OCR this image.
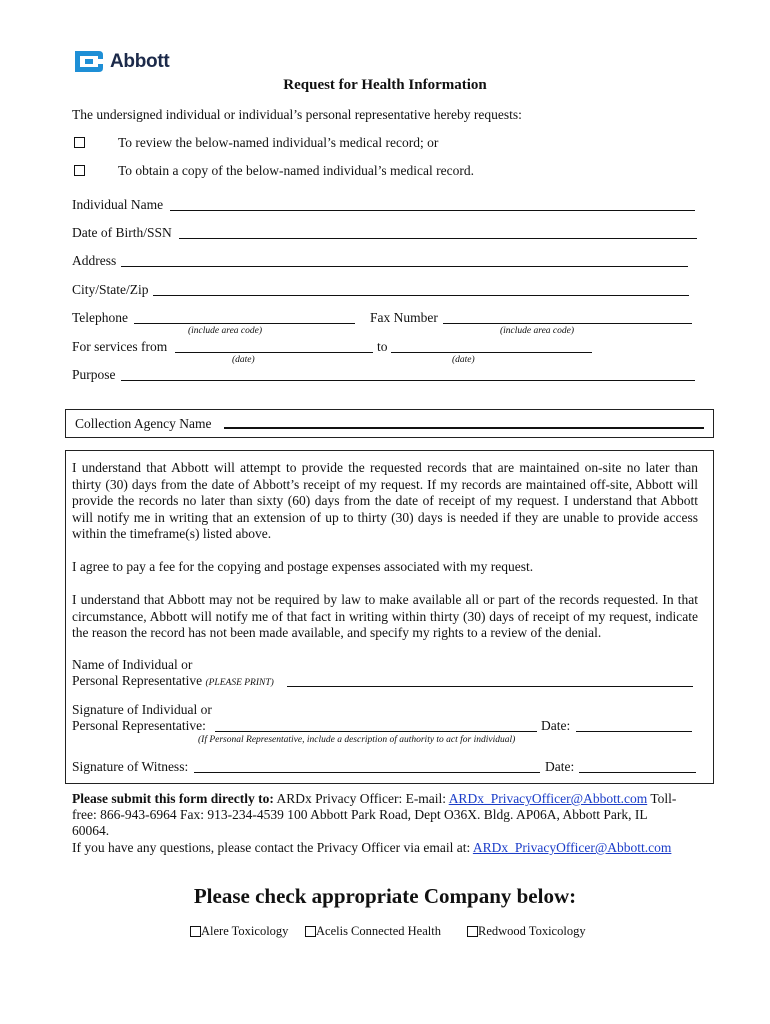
Abbott
Request for Health Information
The undersigned individual or individual’s personal representative hereby requests:
To review the below-named individual’s medical record; or
To obtain a copy of the below-named individual’s medical record.
Individual Name
Date of Birth/SSN
Address
City/State/Zip
Telephone
(include area code)
Fax Number
(include area code)
For services from
(date)
to
(date)
Purpose
Collection Agency Name
I understand that Abbott will attempt to provide the requested records that are maintained on-site no later than thirty (30) days from the date of Abbott’s receipt of my request. If my records are maintained off-site, Abbott will provide the records no later than sixty (60) days from the date of receipt of my request. I understand that Abbott will notify me in writing that an extension of up to thirty (30) days is needed if they are unable to provide access within the timeframe(s) listed above.
I agree to pay a fee for the copying and postage expenses associated with my request.
I understand that Abbott may not be required by law to make available all or part of the records requested. In that circumstance, Abbott will notify me of that fact in writing within thirty (30) days of receipt of my request, indicate the reason the record has not been made available, and specify my rights to a review of the denial.
Name of Individual or
Personal Representative (PLEASE PRINT)
Signature of Individual or
Personal Representative:	Date:
(If Personal Representative, include a description of authority to act for individual)
Signature of Witness:	Date:
Please submit this form directly to: ARDx Privacy Officer: E-mail: ARDx_PrivacyOfficer@Abbott.com Toll-
free: 866-943-6964 Fax: 913-234-4539 100 Abbott Park Road, Dept O36X. Bldg. AP06A, Abbott Park, IL
60064.
If you have any questions, please contact the Privacy Officer via email at: ARDx_PrivacyOfficer@Abbott.com
Please check appropriate Company below:
Alere Toxicology	Acelis Connected Health	Redwood Toxicology
